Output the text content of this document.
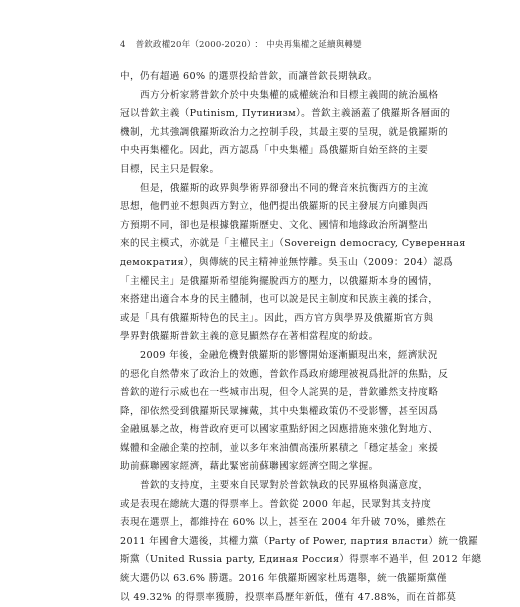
4 普欽政權20年（2000-2020） ： 中央再集權之延續與轉變

中，仍有超過 60% 的選票投給普欽，而讓普欽長期執政。

西方分析家將普欽介於中央集權的威權統治和目標主義間的統治風格
冠以普欽主義（Putinism, Путинизм）。普欽主義涵蓋了俄羅斯各層面的
機制，尤其強調俄羅斯政治力之控制手段，其最主要的呈現，就是俄羅斯的
中央再集權化。因此，西方認爲「中央集權」爲俄羅斯自始至終的主要
目標，民主只是假象。

但是，俄羅斯的政界與學術界卻發出不同的聲音來抗衡西方的主流
思想，他們並不想與西方對立，他們提出俄羅斯的民主發展方向雖與西
方預期不同，卻也是根據俄羅斯歷史、文化、國情和地緣政治所調整出
來的民主模式，亦就是「主權民主」（Sovereign democracy, Суверенная
демократия），與傳統的民主精神並無悖離。吳玉山（2009：204）認爲
「主權民主」是俄羅斯希望能夠擺脫西方的壓力，以俄羅斯本身的國情，
來搭建出適合本身的民主體制，也可以說是民主制度和民族主義的揉合，
或是「具有俄羅斯特色的民主」。因此，西方官方與學界及俄羅斯官方與
學界對俄羅斯普欽主義的意見顯然存在著相當程度的紛歧。

2009 年後，金融危機對俄羅斯的影響開始逐漸顯現出來，經濟狀況
的惡化自然帶來了政治上的效應，普欽作爲政府總理被視爲批評的焦點，反
普欽的遊行示威也在一些城市出現，但令人詫異的是，普欽雖然支持度略
降，卻依然受到俄羅斯民眾擁戴，其中央集權政策仍不受影響，甚至因爲
金融風暴之故，梅普政府更可以國家重點紓困之因應措施來強化對地方、
媒體和金融企業的控制，並以多年來油價高漲所累積之「穩定基金」來援
助前蘇聯國家經濟，藉此緊密前蘇聯國家經濟空間之掌握。

普欽的支持度，主要來自民眾對於普欽執政的民界風格與滿意度，
或是表現在總統大選的得票率上。普欽從 2000 年起，民眾對其支持度
表現在選票上，都維持在 60% 以上，甚至在 2004 年升破 70%，雖然在
2011 年國會大選後，其權力黨（Party of Power, партия власти）統一俄羅
斯黨（United Russia party, Единая Россия）得票率不過半，但 2012 年總
統大選仍以 63.6% 勝選。2016 年俄羅斯國家杜馬選舉，統一俄羅斯黨僅
以 49.32% 的得票率獲勝，投票率爲歷年新低，僅有 47.88%，而在首都莫
